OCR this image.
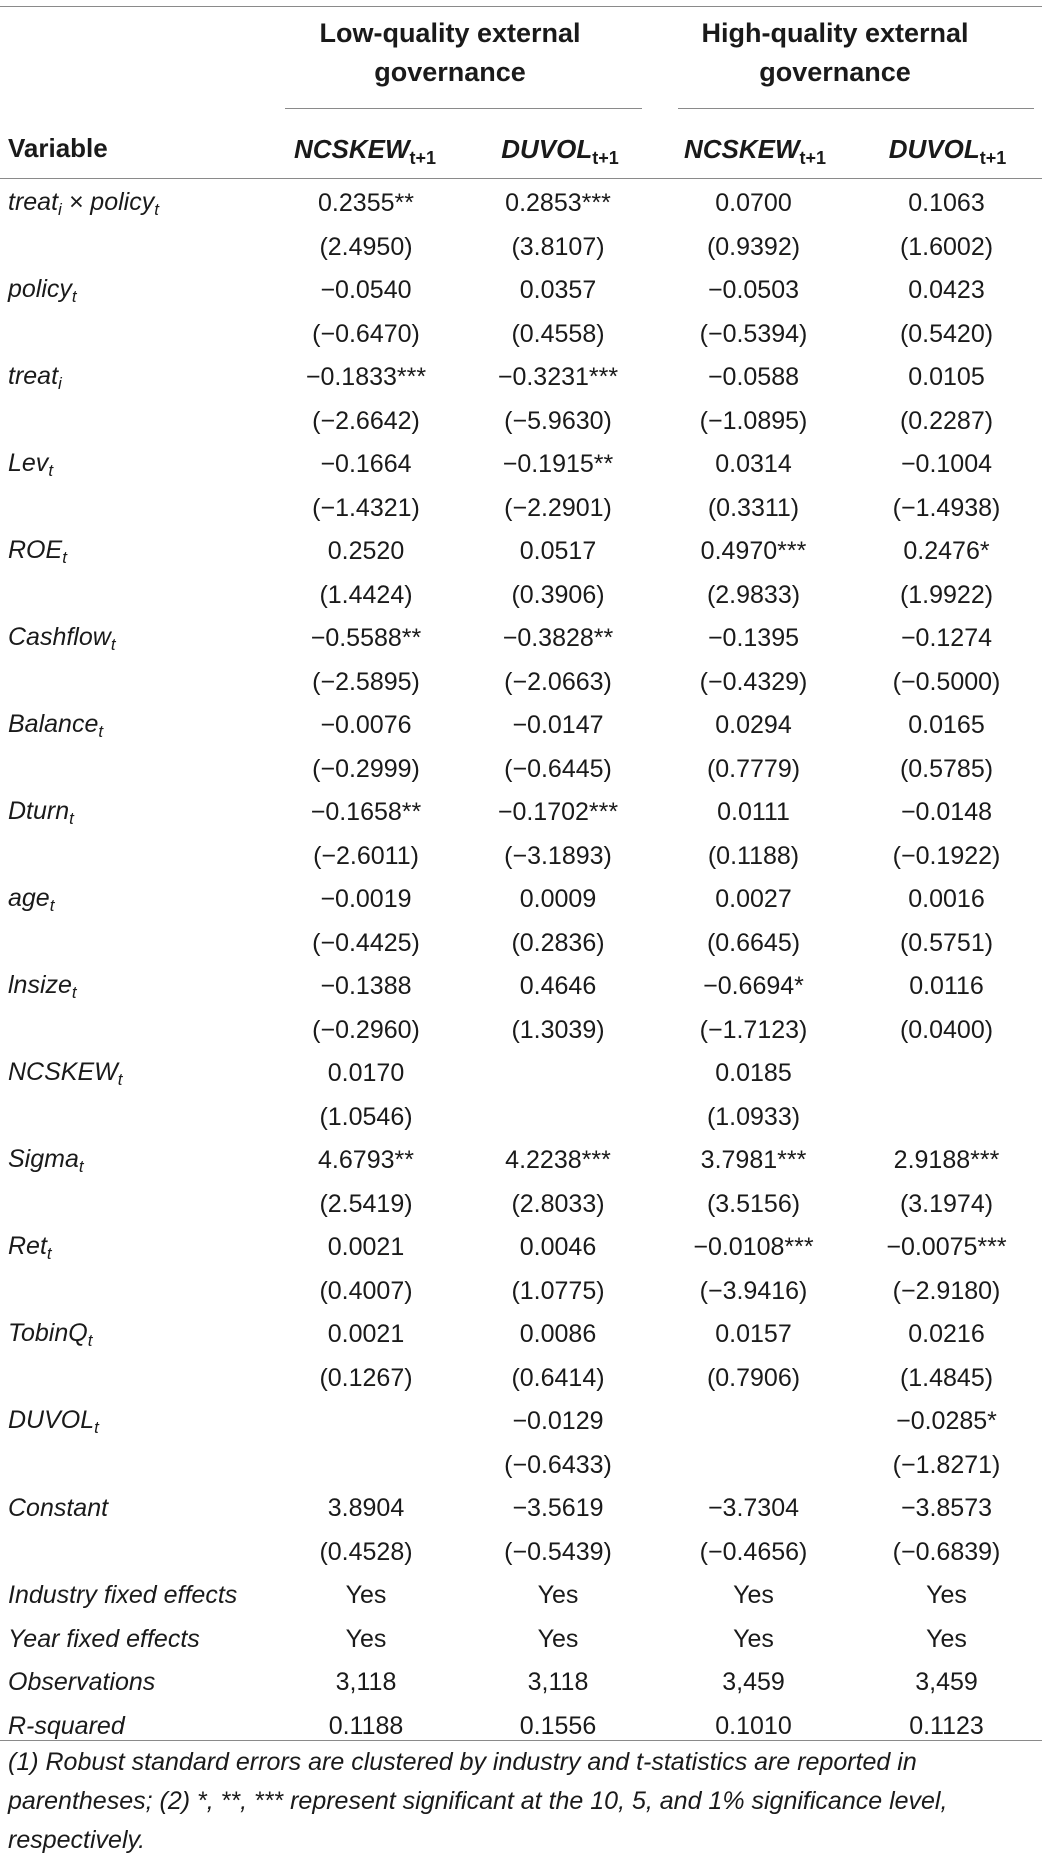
Low-quality external governance
High-quality external governance
Variable	$NCSKEW_{t+1}$	$DUVOL_{t+1}$	$NCSKEW_{t+1}$	$DUVOL_{t+1}$
treat$_i$ × policy$_t$	0.2355**	0.2853***	0.0700	0.1063
	(2.4950)	(3.8107)	(0.9392)	(1.6002)
policy$_t$	−0.0540	0.0357	−0.0503	0.0423
	(−0.6470)	(0.4558)	(−0.5394)	(0.5420)
treat$_i$	−0.1833***	−0.3231***	−0.0588	0.0105
	(−2.6642)	(−5.9630)	(−1.0895)	(0.2287)
Lev$_t$	−0.1664	−0.1915**	0.0314	−0.1004
	(−1.4321)	(−2.2901)	(0.3311)	(−1.4938)
$ROE_t$	0.2520	0.0517	0.4970***	0.2476*
	(1.4424)	(0.3906)	(2.9833)	(1.9922)
Cashflow$_t$	−0.5588**	−0.3828**	−0.1395	−0.1274
	(−2.5895)	(−2.0663)	(−0.4329)	(−0.5000)
Balance$_t$	−0.0076	−0.0147	0.0294	0.0165
	(−0.2999)	(−0.6445)	(0.7779)	(0.5785)
Dturn$_t$	−0.1658**	−0.1702***	0.0111	−0.0148
	(−2.6011)	(−3.1893)	(0.1188)	(−0.1922)
age$_t$	−0.0019	0.0009	0.0027	0.0016
	(−0.4425)	(0.2836)	(0.6645)	(0.5751)
lnsize$_t$	−0.1388	0.4646	−0.6694*	0.0116
	(−0.2960)	(1.3039)	(−1.7123)	(0.0400)
$NCSKEW_t$	0.0170		0.0185	
	(1.0546)		(1.0933)	
Sigma$_t$	4.6793**	4.2238***	3.7981***	2.9188***
	(2.5419)	(2.8033)	(3.5156)	(3.1974)
Ret$_t$	0.0021	0.0046	−0.0108***	−0.0075***
	(0.4007)	(1.0775)	(−3.9416)	(−2.9180)
TobinQ$_t$	0.0021	0.0086	0.0157	0.0216
	(0.1267)	(0.6414)	(0.7906)	(1.4845)
$DUVOL_t$		−0.0129		−0.0285*
		(−0.6433)		(−1.8271)
Constant	3.8904	−3.5619	−3.7304	−3.8573
	(0.4528)	(−0.5439)	(−0.4656)	(−0.6839)
Industry fixed effects	Yes	Yes	Yes	Yes
Year fixed effects	Yes	Yes	Yes	Yes
Observations	3,118	3,118	3,459	3,459
R-squared	0.1188	0.1556	0.1010	0.1123
(1) Robust standard errors are clustered by industry and t-statistics are reported in parentheses; (2) *, **, *** represent significant at the 10, 5, and 1% significance level, respectively.
